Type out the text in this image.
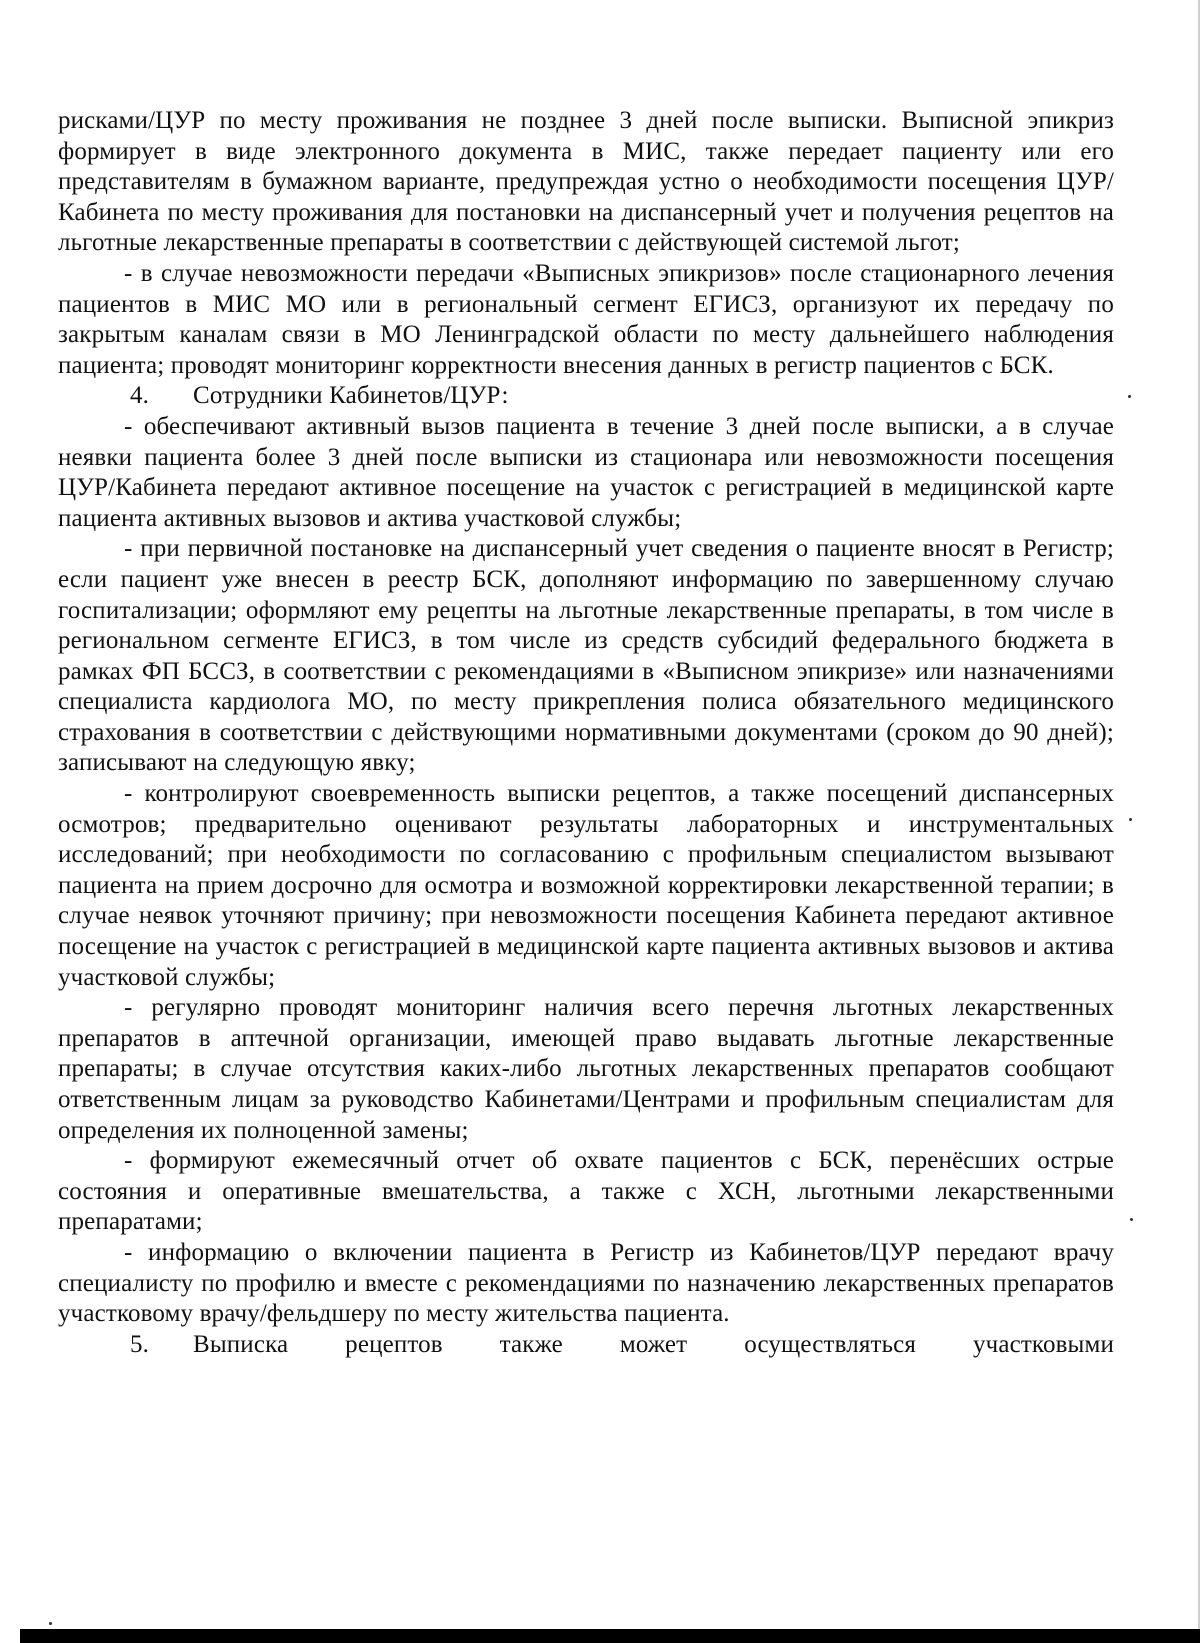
рисками/ЦУР по месту проживания не позднее 3 дней после выписки. Выписной эпикриз формирует в виде электронного документа в МИС, также передает пациенту или его представителям в бумажном варианте, предупреждая устно о необходимости посещения ЦУР/Кабинета по месту проживания для постановки на диспансерный учет и получения рецептов на льготные лекарственные препараты в соответствии с действующей системой льгот;

- в случае невозможности передачи «Выписных эпикризов» после стационарного лечения пациентов в МИС МО или в региональный сегмент ЕГИСЗ, организуют их передачу по закрытым каналам связи в МО Ленинградской области по месту дальнейшего наблюдения пациента; проводят мониторинг корректности внесения данных в регистр пациентов с БСК.

4.	Сотрудники Кабинетов/ЦУР:

- обеспечивают активный вызов пациента в течение 3 дней после выписки, а в случае неявки пациента более 3 дней после выписки из стационара или невозможности посещения ЦУР/Кабинета передают активное посещение на участок с регистрацией в медицинской карте пациента активных вызовов и актива участковой службы;

- при первичной постановке на диспансерный учет сведения о пациенте вносят в Регистр; если пациент уже внесен в реестр БСК, дополняют информацию по завершенному случаю госпитализации; оформляют ему рецепты на льготные лекарственные препараты, в том числе в региональном сегменте ЕГИСЗ, в том числе из средств субсидий федерального бюджета в рамках ФП БССЗ, в соответствии с рекомендациями в «Выписном эпикризе» или назначениями специалиста кардиолога МО, по месту прикрепления полиса обязательного медицинского страхования в соответствии с действующими нормативными документами (сроком до 90 дней); записывают на следующую явку;

- контролируют своевременность выписки рецептов, а также посещений диспансерных осмотров; предварительно оценивают результаты лабораторных и инструментальных исследований; при необходимости по согласованию с профильным специалистом вызывают пациента на прием досрочно для осмотра и возможной корректировки лекарственной терапии; в случае неявок уточняют причину; при невозможности посещения Кабинета передают активное посещение на участок с регистрацией в медицинской карте пациента активных вызовов и актива участковой службы;

- регулярно проводят мониторинг наличия всего перечня льготных лекарственных препаратов в аптечной организации, имеющей право выдавать льготные лекарственные препараты; в случае отсутствия каких-либо льготных лекарственных препаратов сообщают ответственным лицам за руководство Кабинетами/Центрами и профильным специалистам для определения их полноценной замены;

- формируют ежемесячный отчет об охвате пациентов с БСК, перенёсших острые состояния и оперативные вмешательства, а также с ХСН, льготными лекарственными препаратами;

- информацию о включении пациента в Регистр из Кабинетов/ЦУР передают врачу специалисту по профилю и вместе с рекомендациями по назначению лекарственных препаратов участковому врачу/фельдшеру по месту жительства пациента.

5.	Выписка рецептов также может осуществляться участковыми
